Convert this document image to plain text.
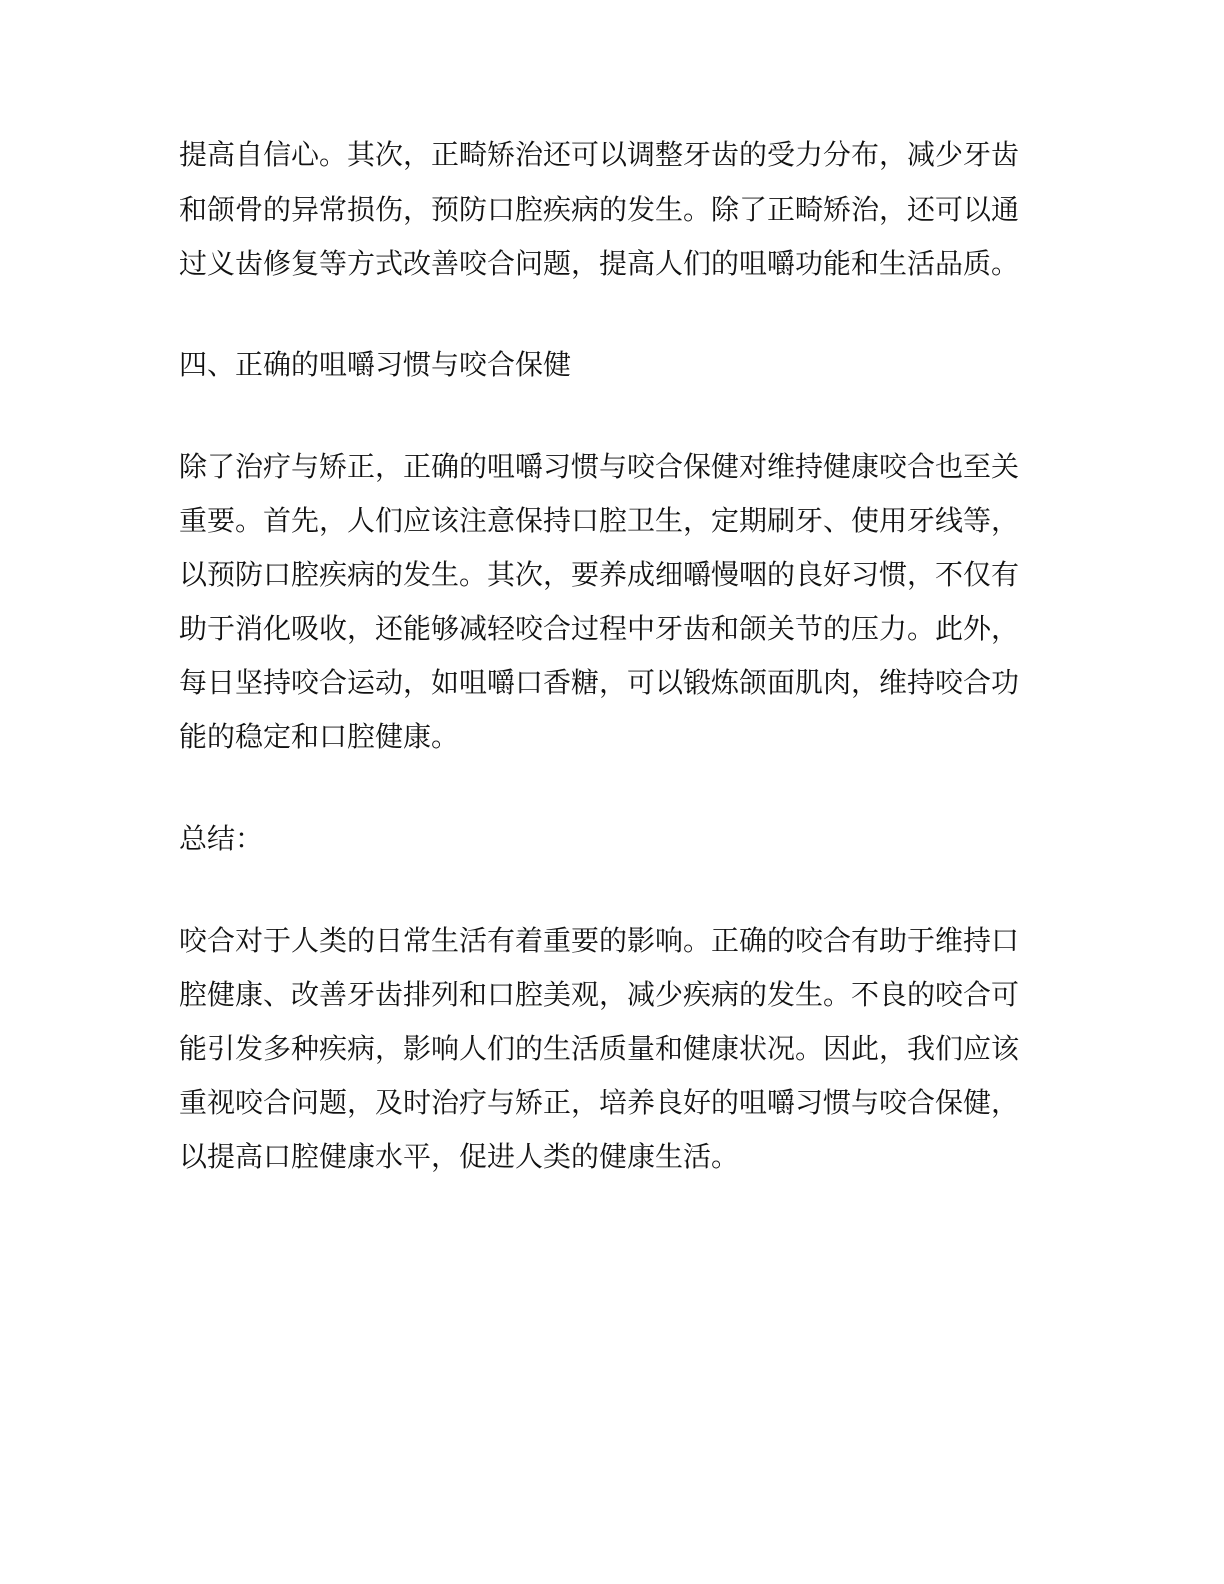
提高自信心。其次，正畸矫治还可以调整牙齿的受力分布，减少牙齿

和颌骨的异常损伤，预防口腔疾病的发生。除了正畸矫治，还可以通

过义齿修复等方式改善咬合问题，提高人们的咀嚼功能和生活品质。

四、正确的咀嚼习惯与咬合保健

除了治疗与矫正，正确的咀嚼习惯与咬合保健对维持健康咬合也至关

重要。首先，人们应该注意保持口腔卫生，定期刷牙、使用牙线等，

以预防口腔疾病的发生。其次，要养成细嚼慢咽的良好习惯，不仅有

助于消化吸收，还能够减轻咬合过程中牙齿和颌关节的压力。此外，

每日坚持咬合运动，如咀嚼口香糖，可以锻炼颌面肌肉，维持咬合功

能的稳定和口腔健康。

总结：

咬合对于人类的日常生活有着重要的影响。正确的咬合有助于维持口

腔健康、改善牙齿排列和口腔美观，减少疾病的发生。不良的咬合可

能引发多种疾病，影响人们的生活质量和健康状况。因此，我们应该

重视咬合问题，及时治疗与矫正，培养良好的咀嚼习惯与咬合保健，

以提高口腔健康水平，促进人类的健康生活。
